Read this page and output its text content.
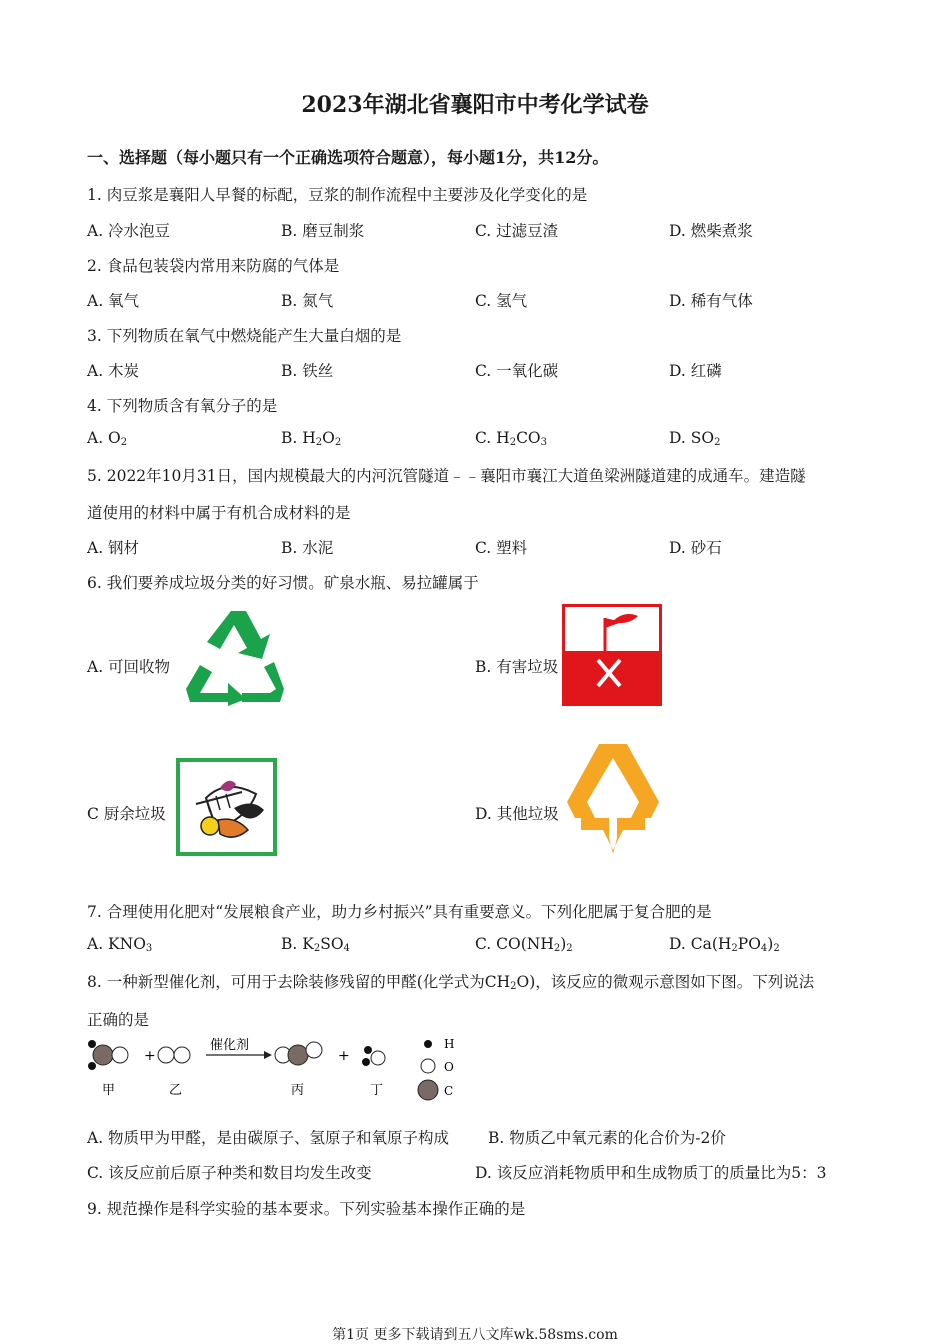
2023年湖北省襄阳市中考化学试卷
一、选择题（每小题只有一个正确选项符合题意），每小题1分，共12分。
1. 肉豆浆是襄阳人早餐的标配，豆浆的制作流程中主要涉及化学变化的是
A. 冷水泡豆	B. 磨豆制浆	C. 过滤豆渣	D. 燃柴煮浆
2. 食品包装袋内常用来防腐的气体是
A. 氧气	B. 氮气	C. 氢气	D. 稀有气体
3. 下列物质在氧气中燃烧能产生大量白烟的是
A. 木炭	B. 铁丝	C. 一氧化碳	D. 红磷
4. 下列物质含有氧分子的是
A. $O_2$	B. $H_2O_2$	C. $H_2CO_3$	D. $SO_2$
5. 2022年10月31日，国内规模最大的内河沉管隧道﹣﹣襄阳市襄江大道鱼梁洲隧道建的成通车。建造隧
道使用的材料中属于有机合成材料的是
A. 钢材	B. 水泥	C. 塑料	D. 砂石
6. 我们要养成垃圾分类的好习惯。矿泉水瓶、易拉罐属于
A. 可回收物	B. 有害垃圾
C 厨余垃圾	D. 其他垃圾
7. 合理使用化肥对“发展粮食产业，助力乡村振兴”具有重要意义。下列化肥属于复合肥的是
A. $KNO_3$	B. $K_2SO_4$	C. $CO(NH_2)_2$	D. $Ca(H_2PO_4)_2$
8. 一种新型催化剂，可用于去除装修残留的甲醛(化学式为$CH_2O$)，该反应的微观示意图如下图。下列说法
正确的是
+
催化剂
+
甲	乙	丙	丁
H
O
C
A. 物质甲为甲醛，是由碳原子、氢原子和氧原子构成	B. 物质乙中氧元素的化合价为-2价
C. 该反应前后原子种类和数目均发生改变	D. 该反应消耗物质甲和生成物质丁的质量比为5：3
9. 规范操作是科学实验的基本要求。下列实验基本操作正确的是
第1页 更多下载请到五八文库wk.58sms.com
